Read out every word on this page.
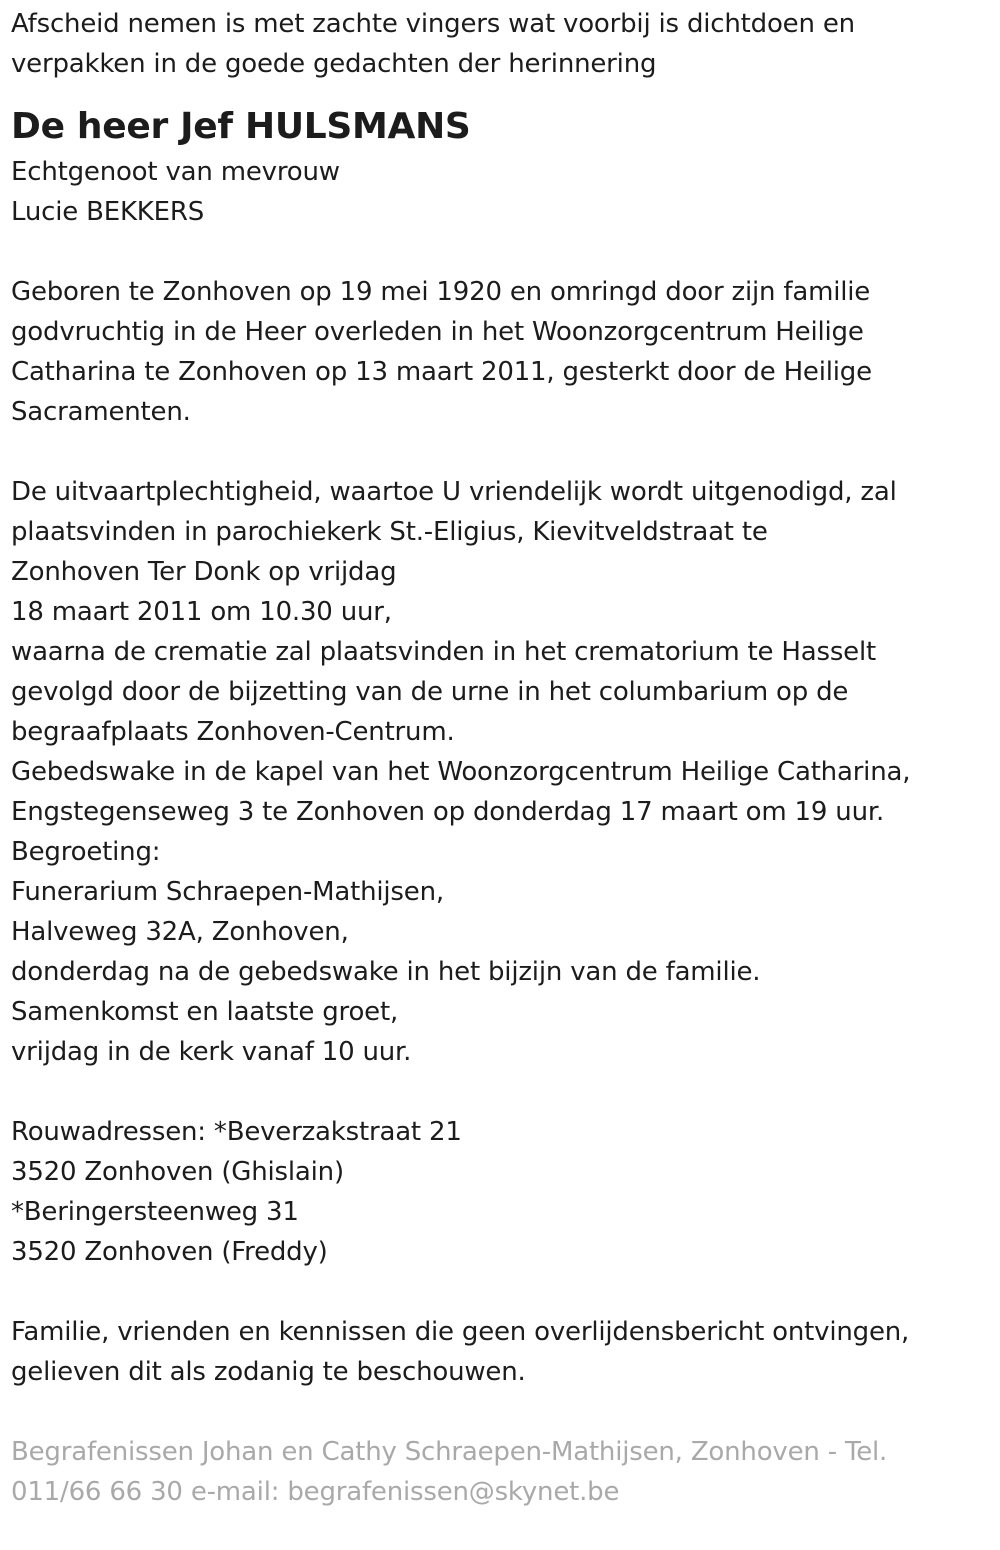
Afscheid nemen is met zachte vingers wat voorbij is dichtdoen en
verpakken in de goede gedachten der herinnering
De heer Jef HULSMANS
Echtgenoot van mevrouw
Lucie BEKKERS
Geboren te Zonhoven op 19 mei 1920 en omringd door zijn familie
godvruchtig in de Heer overleden in het Woonzorgcentrum Heilige
Catharina te Zonhoven op 13 maart 2011, gesterkt door de Heilige
Sacramenten.
De uitvaartplechtigheid, waartoe U vriendelijk wordt uitgenodigd, zal
plaatsvinden in parochiekerk St.-Eligius, Kievitveldstraat te
Zonhoven Ter Donk op vrijdag
18 maart 2011 om 10.30 uur,
waarna de crematie zal plaatsvinden in het crematorium te Hasselt
gevolgd door de bijzetting van de urne in het columbarium op de
begraafplaats Zonhoven-Centrum.
Gebedswake in de kapel van het Woonzorgcentrum Heilige Catharina,
Engstegenseweg 3 te Zonhoven op donderdag 17 maart om 19 uur.
Begroeting:
Funerarium Schraepen-Mathijsen,
Halveweg 32A, Zonhoven,
donderdag na de gebedswake in het bijzijn van de familie.
Samenkomst en laatste groet,
vrijdag in de kerk vanaf 10 uur.
Rouwadressen: *Beverzakstraat 21
3520 Zonhoven (Ghislain)
*Beringersteenweg 31
3520 Zonhoven (Freddy)
Familie, vrienden en kennissen die geen overlijdensbericht ontvingen,
gelieven dit als zodanig te beschouwen.
Begrafenissen Johan en Cathy Schraepen-Mathijsen, Zonhoven - Tel.
011/66 66 30 e-mail: begrafenissen@skynet.be
